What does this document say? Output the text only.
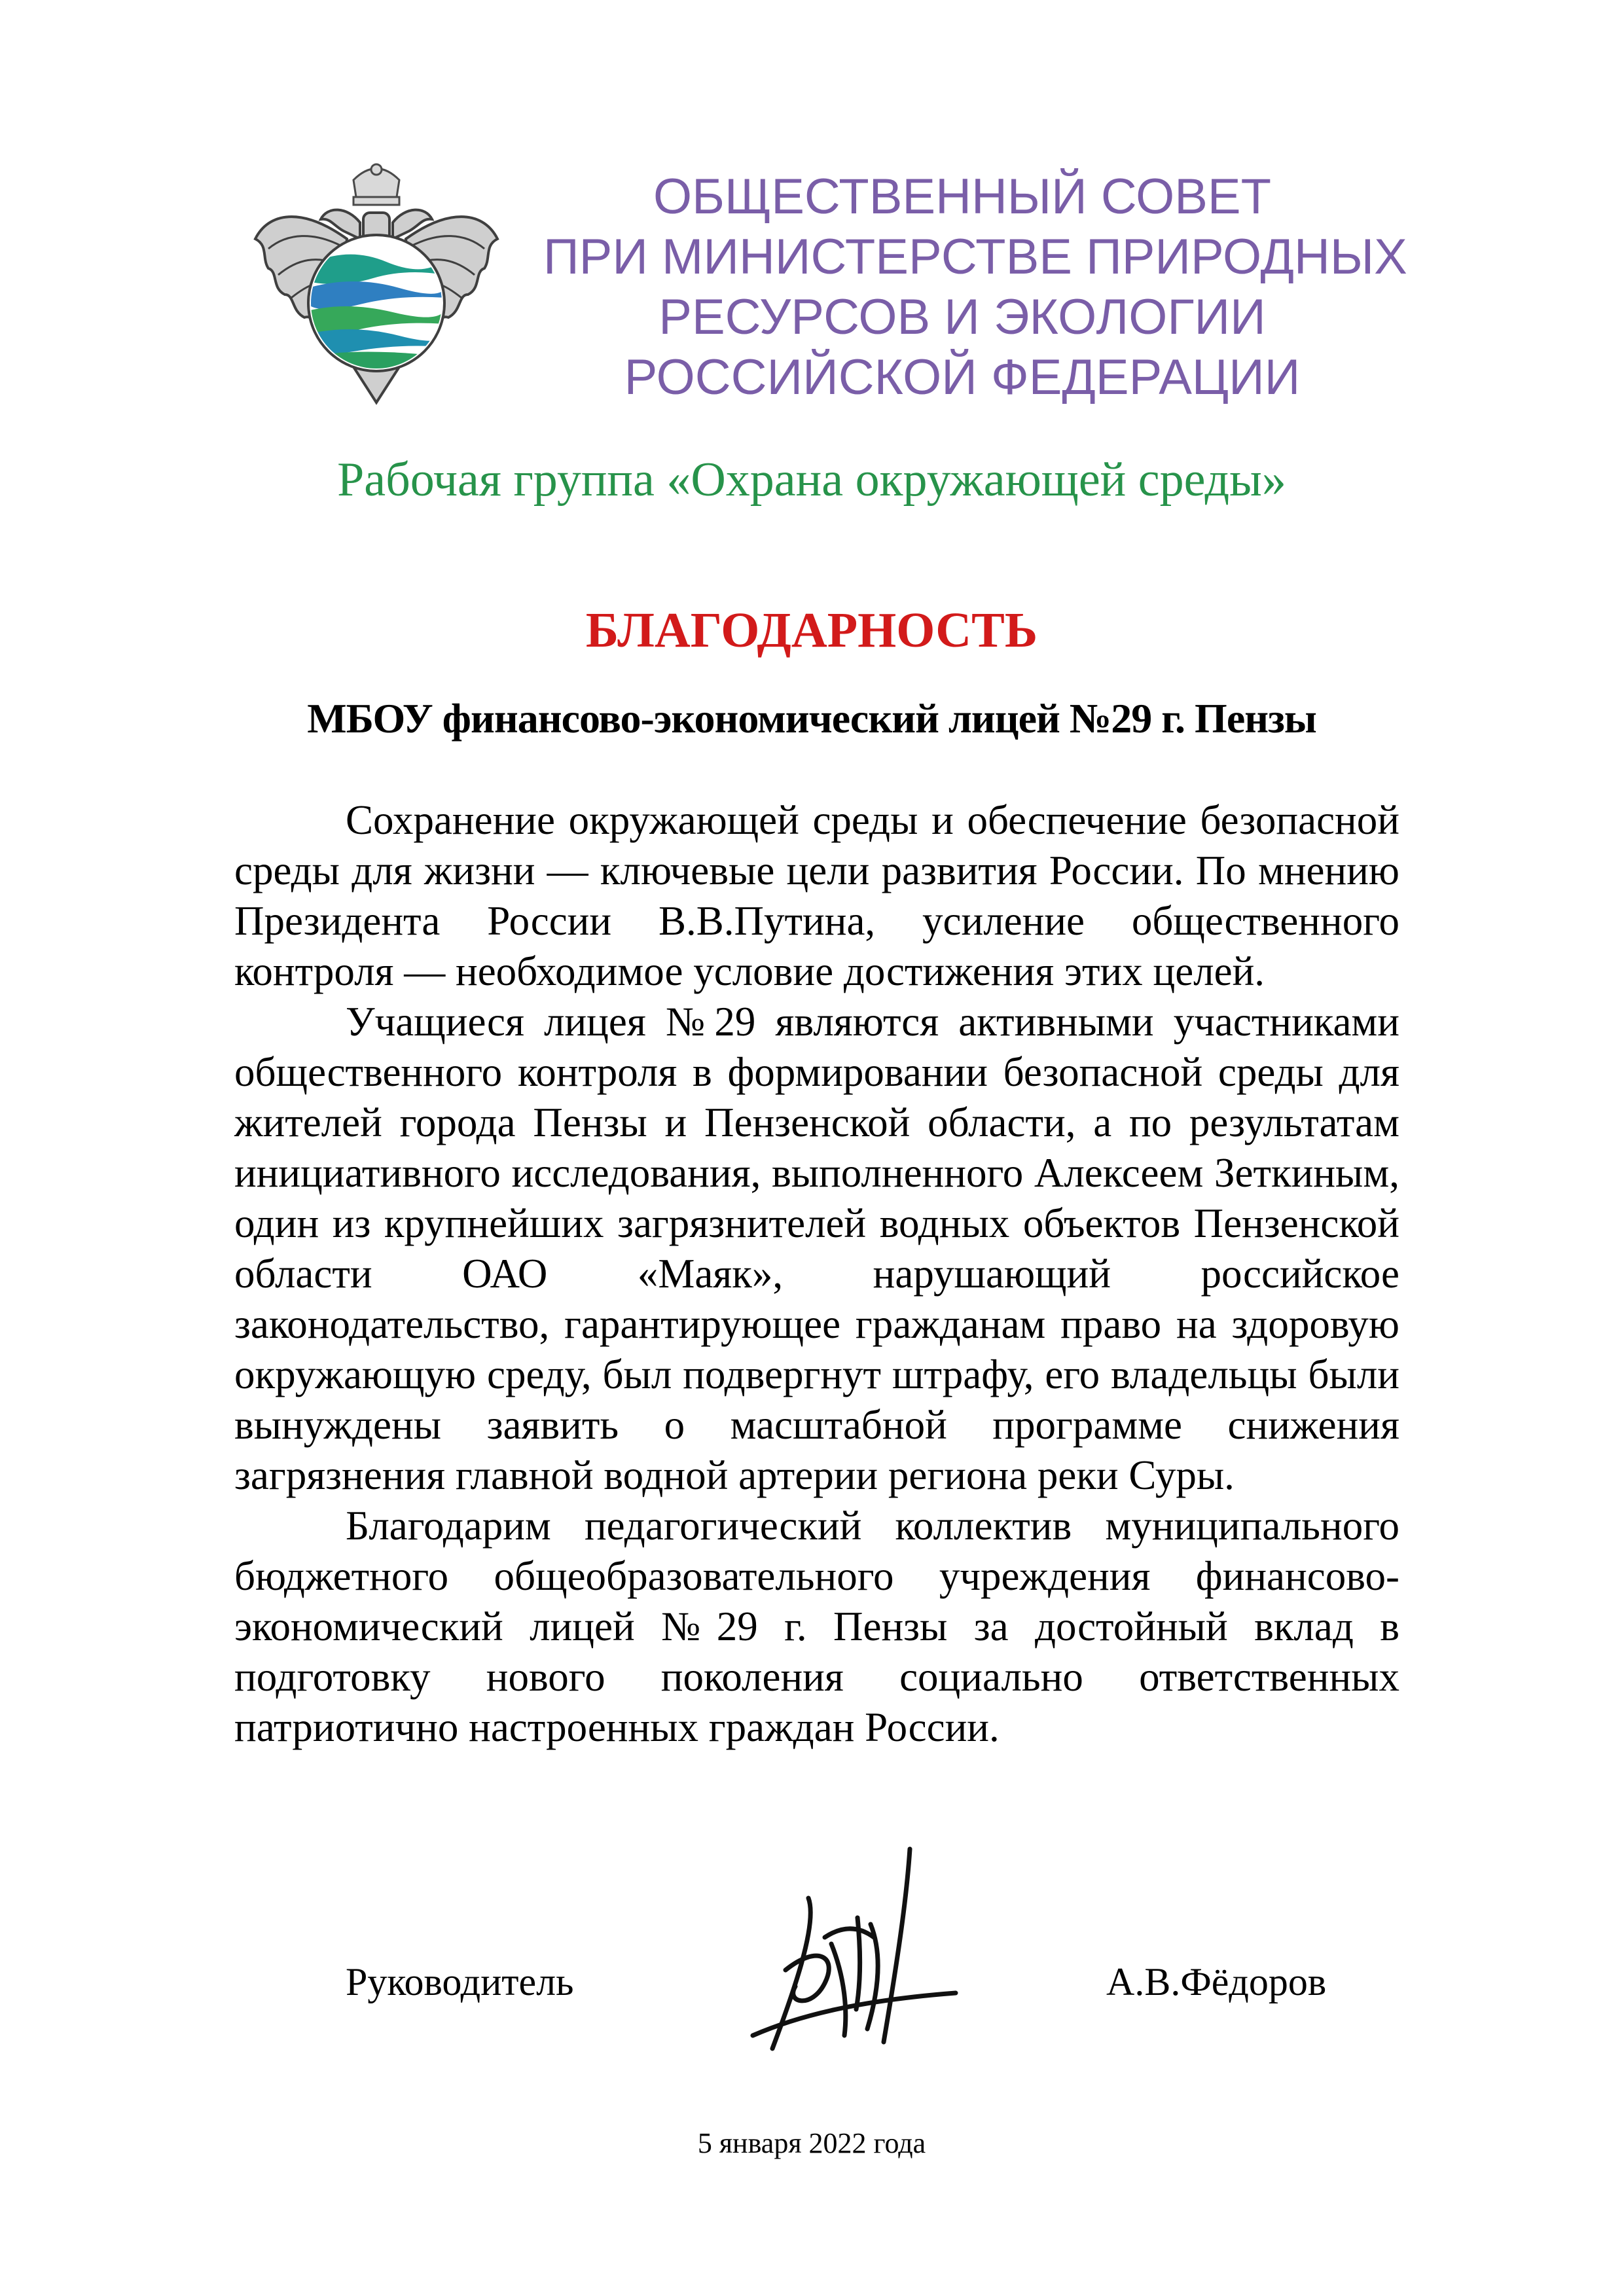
ОБЩЕСТВЕННЫЙ СОВЕТ
ПРИ МИНИСТЕРСТВЕ ПРИРОДНЫХ
РЕСУРСОВ И ЭКОЛОГИИ
РОССИЙСКОЙ ФЕДЕРАЦИИ
Рабочая группа «Охрана окружающей среды»
БЛАГОДАРНОСТЬ
МБОУ финансово-экономический лицей №29 г. Пензы

Сохранение окружающей среды и обеспечение безопасной среды для жизни — ключевые цели развития России. По мнению Президента России В.В.Путина, усиление общественного контроля — необходимое условие достижения этих целей.

Учащиеся лицея №29 являются активными участниками общественного контроля в формировании безопасной среды для жителей города Пензы и Пензенской области, а по результатам инициативного исследования, выполненного Алексеем Зеткиным, один из крупнейших загрязнителей водных объектов Пензенской области ОАО «Маяк», нарушающий российское законодательство, гарантирующее гражданам право на здоровую окружающую среду, был подвергнут штрафу, его владельцы были вынуждены заявить о масштабной программе снижения загрязнения главной водной артерии региона реки Суры.

Благодарим педагогический коллектив муниципального бюджетного общеобразовательного учреждения финансово-экономический лицей №29 г. Пензы за достойный вклад в подготовку нового поколения социально ответственных патриотично настроенных граждан России.

Руководитель	А.В.Фёдоров
5 января 2022 года
